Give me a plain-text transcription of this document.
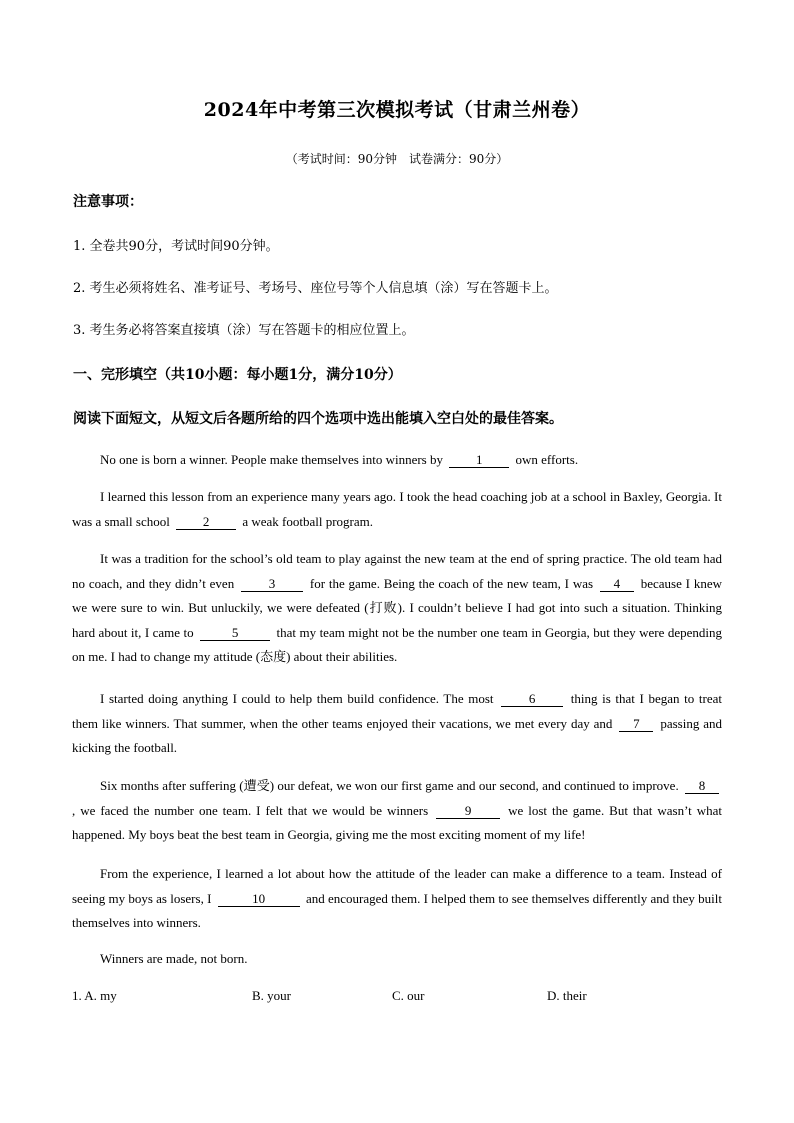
2024年中考第三次模拟考试（甘肃兰州卷）
（考试时间：90分钟　试卷满分：90分）
注意事项：
1. 全卷共90分，考试时间90分钟。
2. 考生必须将姓名、准考证号、考场号、座位号等个人信息填（涂）写在答题卡上。
3. 考生务必将答案直接填（涂）写在答题卡的相应位置上。
一、完形填空（共10小题：每小题1分，满分10分）
阅读下面短文，从短文后各题所给的四个选项中选出能填入空白处的最佳答案。
No one is born a winner. People make themselves into winners by	1	own efforts.
I learned this lesson from an experience many years ago. I took the head coaching job at a school in Baxley, Georgia. It was a small school	2	a weak football program.
It was a tradition for the school’s old team to play against the new team at the end of spring practice. The old team had no coach, and they didn’t even	3	for the game. Being the coach of the new team, I was 4 because I knew we were sure to win. But unluckily, we were defeated (打败). I couldn’t believe I had got into such a situation. Thinking hard about it, I came to	5	that my team might not be the number one team in Georgia, but they were depending on me. I had to change my attitude (态度) about their abilities.
I started doing anything I could to help them build confidence. The most	6	thing is that I began to treat them like winners. That summer, when the other teams enjoyed their vacations, we met every day and 7 passing and kicking the football.
Six months after suffering (遭受) our defeat, we won our first game and our second, and continued to improve. 8, we faced the number one team. I felt that we would be winners	9	we lost the game. But that wasn’t what happened. My boys beat the best team in Georgia, giving me the most exciting moment of my life!
From the experience, I learned a lot about how the attitude of the leader can make a difference to a team. Instead of seeing my boys as losers, I	10	and encouraged them. I helped them to see themselves differently and they built themselves into winners.
Winners are made, not born.
1. A. my	B. your	C. our	D. their
